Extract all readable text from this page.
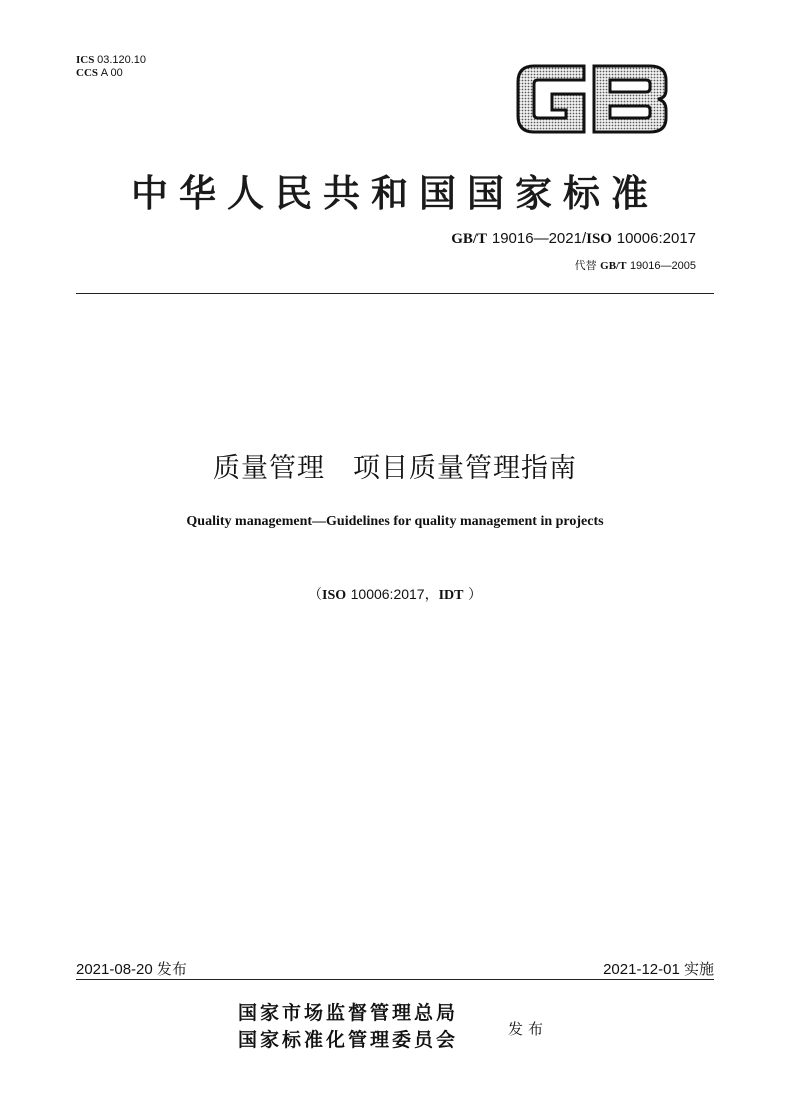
ICS 03.120.10
CCS A 00
中华人民共和国国家标准
GB/T 19016—2021/ISO 10006:2017
代替 GB/T 19016—2005
质量管理　项目质量管理指南
Quality management—Guidelines for quality management in projects
（ISO 10006:2017，IDT ）
2021-08-20 发布	2021-12-01 实施
国家市场监督管理总局
国家标准化管理委员会	发布
